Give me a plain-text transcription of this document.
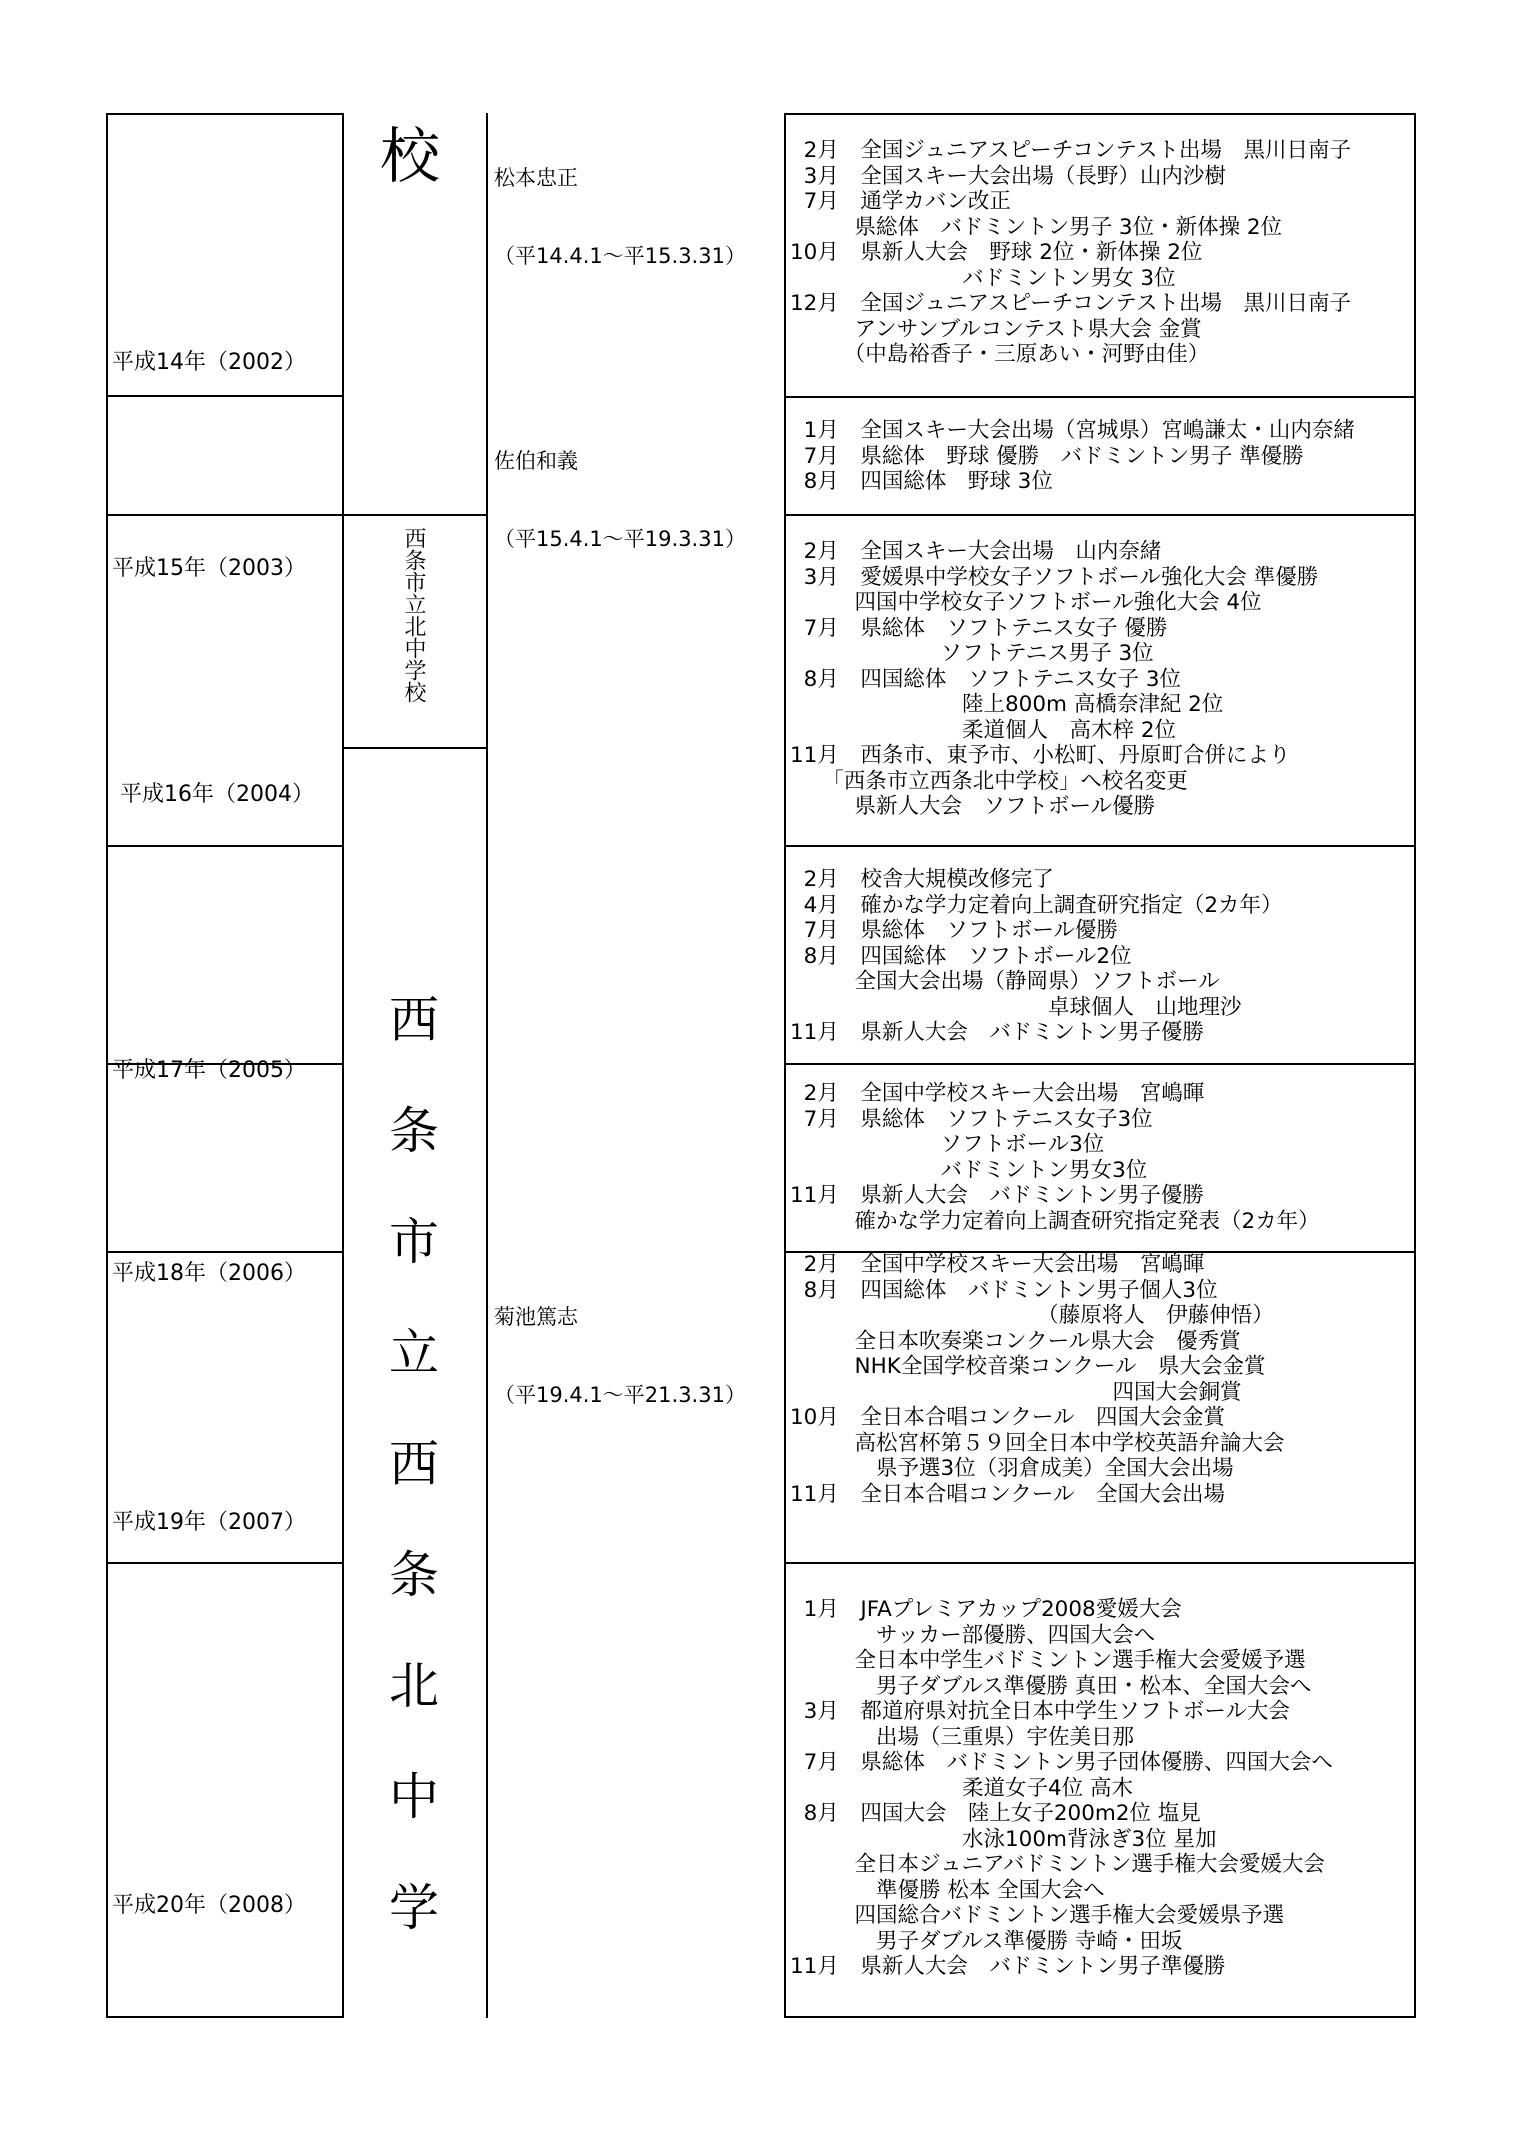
平成14年（2002）
平成15年（2003）
平成16年（2004）
平成17年（2005）
平成18年（2006）
平成19年（2007）
平成20年（2008）
校
西条市立北中学校
西条市立西条北中学

松本忠正

（平14.4.1～平15.3.31）

佐伯和義

（平15.4.1～平19.3.31）

菊池篤志

（平19.4.1～平21.3.31）

2月　全国ジュニアスピーチコンテスト出場　黒川日南子
3月　全国スキー大会出場（長野）山内沙樹
7月　通学カバン改正
　　　県総体　バドミントン男子 3位・新体操 2位
10月　県新人大会　野球 2位・新体操 2位
　　　　　　　　バドミントン男女 3位
12月　全国ジュニアスピーチコンテスト出場　黒川日南子
　　　アンサンブルコンテスト県大会 金賞
　　　（中島裕香子・三原あい・河野由佳）
1月　全国スキー大会出場（宮城県）宮嶋謙太・山内奈緒
7月　県総体　野球 優勝　バドミントン男子 準優勝
8月　四国総体　野球 3位
2月　全国スキー大会出場　山内奈緒
3月　愛媛県中学校女子ソフトボール強化大会 準優勝
　　　四国中学校女子ソフトボール強化大会 4位
7月　県総体　ソフトテニス女子 優勝
　　　　　　　ソフトテニス男子 3位
8月　四国総体　ソフトテニス女子 3位
　　　　　　　　陸上800m 高橋奈津紀 2位
　　　　　　　　柔道個人　高木梓 2位
11月　西条市、東予市、小松町、丹原町合併により
　　「西条市立西条北中学校」へ校名変更
　　　県新人大会　ソフトボール優勝
2月　校舎大規模改修完了
4月　確かな学力定着向上調査研究指定（2カ年）
7月　県総体　ソフトボール優勝
8月　四国総体　ソフトボール2位
　　　全国大会出場（静岡県）ソフトボール
　　　　　　　　　　　　卓球個人　山地理沙
11月　県新人大会　バドミントン男子優勝
2月　全国中学校スキー大会出場　宮嶋暉
7月　県総体　ソフトテニス女子3位
　　　　　　　ソフトボール3位
　　　　　　　バドミントン男女3位
11月　県新人大会　バドミントン男子優勝
　　　確かな学力定着向上調査研究指定発表（2カ年）
2月　全国中学校スキー大会出場　宮嶋暉
8月　四国総体　バドミントン男子個人3位
　　　　　　　　　　　　（藤原将人　伊藤伸悟）
　　　全日本吹奏楽コンクール県大会　優秀賞
　　　NHK全国学校音楽コンクール　県大会金賞
　　　　　　　　　　　　　　　四国大会銅賞
10月　全日本合唱コンクール　四国大会金賞
　　　高松宮杯第５９回全日本中学校英語弁論大会
　　　　県予選3位（羽倉成美）全国大会出場
11月　全日本合唱コンクール　全国大会出場
1月　JFAプレミアカップ2008愛媛大会
　　　　サッカー部優勝、四国大会へ
　　　全日本中学生バドミントン選手権大会愛媛予選
　　　　男子ダブルス準優勝 真田・松本、全国大会へ
3月　都道府県対抗全日本中学生ソフトボール大会
　　　　出場（三重県）宇佐美日那
7月　県総体　バドミントン男子団体優勝、四国大会へ
　　　　　　　　柔道女子4位 高木
8月　四国大会　陸上女子200m2位 塩見
　　　　　　　　水泳100m背泳ぎ3位 星加
　　　全日本ジュニアバドミントン選手権大会愛媛大会
　　　　準優勝 松本 全国大会へ
　　　四国総合バドミントン選手権大会愛媛県予選
　　　　男子ダブルス準優勝 寺崎・田坂
11月　県新人大会　バドミントン男子準優勝
